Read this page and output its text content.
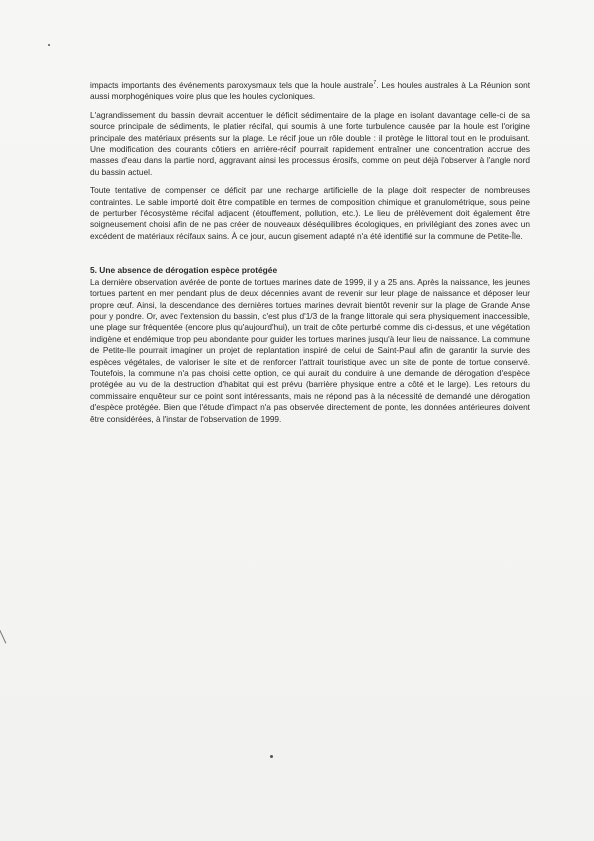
impacts importants des événements paroxysmaux tels que la houle australe$^7$. Les houles australes à La Réunion sont aussi morphogéniques voire plus que les houles cycloniques.

L'agrandissement du bassin devrait accentuer le déficit sédimentaire de la plage en isolant davantage celle-ci de sa source principale de sédiments, le platier récifal, qui soumis à une forte turbulence causée par la houle est l'origine principale des matériaux présents sur la plage. Le récif joue un rôle double : il protège le littoral tout en le produisant. Une modification des courants côtiers en arrière-récif pourrait rapidement entraîner une concentration accrue des masses d'eau dans la partie nord, aggravant ainsi les processus érosifs, comme on peut déjà l'observer à l'angle nord du bassin actuel.

Toute tentative de compenser ce déficit par une recharge artificielle de la plage doit respecter de nombreuses contraintes. Le sable importé doit être compatible en termes de composition chimique et granulométrique, sous peine de perturber l'écosystème récifal adjacent (étouffement, pollution, etc.). Le lieu de prélèvement doit également être soigneusement choisi afin de ne pas créer de nouveaux déséquilibres écologiques, en privilégiant des zones avec un excédent de matériaux récifaux sains. À ce jour, aucun gisement adapté n'a été identifié sur la commune de Petite-Île.

5. Une absence de dérogation espèce protégée

La dernière observation avérée de ponte de tortues marines date de 1999, il y a 25 ans. Après la naissance, les jeunes tortues partent en mer pendant plus de deux décennies avant de revenir sur leur plage de naissance et déposer leur propre œuf. Ainsi, la descendance des dernières tortues marines devrait bientôt revenir sur la plage de Grande Anse pour y pondre. Or, avec l'extension du bassin, c'est plus d'1/3 de la frange littorale qui sera physiquement inaccessible, une plage sur fréquentée (encore plus qu'aujourd'hui), un trait de côte perturbé comme dis ci-dessus, et une végétation indigène et endémique trop peu abondante pour guider les tortues marines jusqu'à leur lieu de naissance. La commune de Petite-Ile pourrait imaginer un projet de replantation inspiré de celui de Saint-Paul afin de garantir la survie des espèces végétales, de valoriser le site et de renforcer l'attrait touristique avec un site de ponte de tortue conservé. Toutefois, la commune n'a pas choisi cette option, ce qui aurait du conduire à une demande de dérogation d'espèce protégée au vu de la destruction d'habitat qui est prévu (barrière physique entre a côté et le large). Les retours du commissaire enquêteur sur ce point sont intéressants, mais ne répond pas à la nécessité de demandé une dérogation d'espèce protégée. Bien que l'étude d'impact n'a pas observée directement de ponte, les données antérieures doivent être considérées, à l'instar de l'observation de 1999.
